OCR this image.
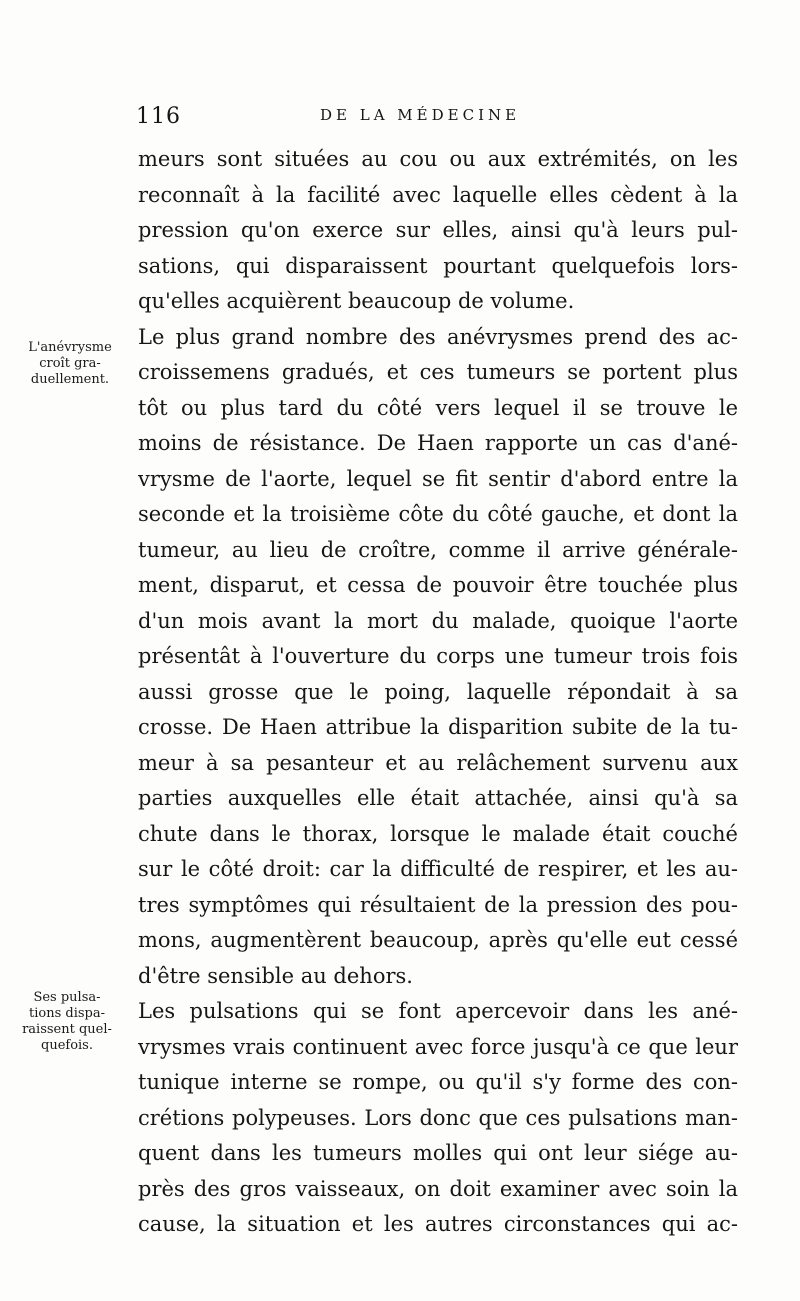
116	DE LA MÉDECINE
L'anévrysme croît gra- duellement.
Ses pulsa- tions dispa- raissent quel- quefois.
meurs sont situées au cou ou aux extrémités, on les
reconnaît à la facilité avec laquelle elles cèdent à la
pression qu'on exerce sur elles, ainsi qu'à leurs pul-
sations, qui disparaissent pourtant quelquefois lors-
qu'elles acquièrent beaucoup de volume.
Le plus grand nombre des anévrysmes prend des ac-
croissemens gradués, et ces tumeurs se portent plus
tôt ou plus tard du côté vers lequel il se trouve le
moins de résistance. De Haen rapporte un cas d'ané-
vrysme de l'aorte, lequel se fit sentir d'abord entre la
seconde et la troisième côte du côté gauche, et dont la
tumeur, au lieu de croître, comme il arrive générale-
ment, disparut, et cessa de pouvoir être touchée plus
d'un mois avant la mort du malade, quoique l'aorte
présentât à l'ouverture du corps une tumeur trois fois
aussi grosse que le poing, laquelle répondait à sa
crosse. De Haen attribue la disparition subite de la tu-
meur à sa pesanteur et au relâchement survenu aux
parties auxquelles elle était attachée, ainsi qu'à sa
chute dans le thorax, lorsque le malade était couché
sur le côté droit: car la difficulté de respirer, et les au-
tres symptômes qui résultaient de la pression des pou-
mons, augmentèrent beaucoup, après qu'elle eut cessé
d'être sensible au dehors.
Les pulsations qui se font apercevoir dans les ané-
vrysmes vrais continuent avec force jusqu'à ce que leur
tunique interne se rompe, ou qu'il s'y forme des con-
crétions polypeuses. Lors donc que ces pulsations man-
quent dans les tumeurs molles qui ont leur siége au-
près des gros vaisseaux, on doit examiner avec soin la
cause, la situation et les autres circonstances qui ac-
